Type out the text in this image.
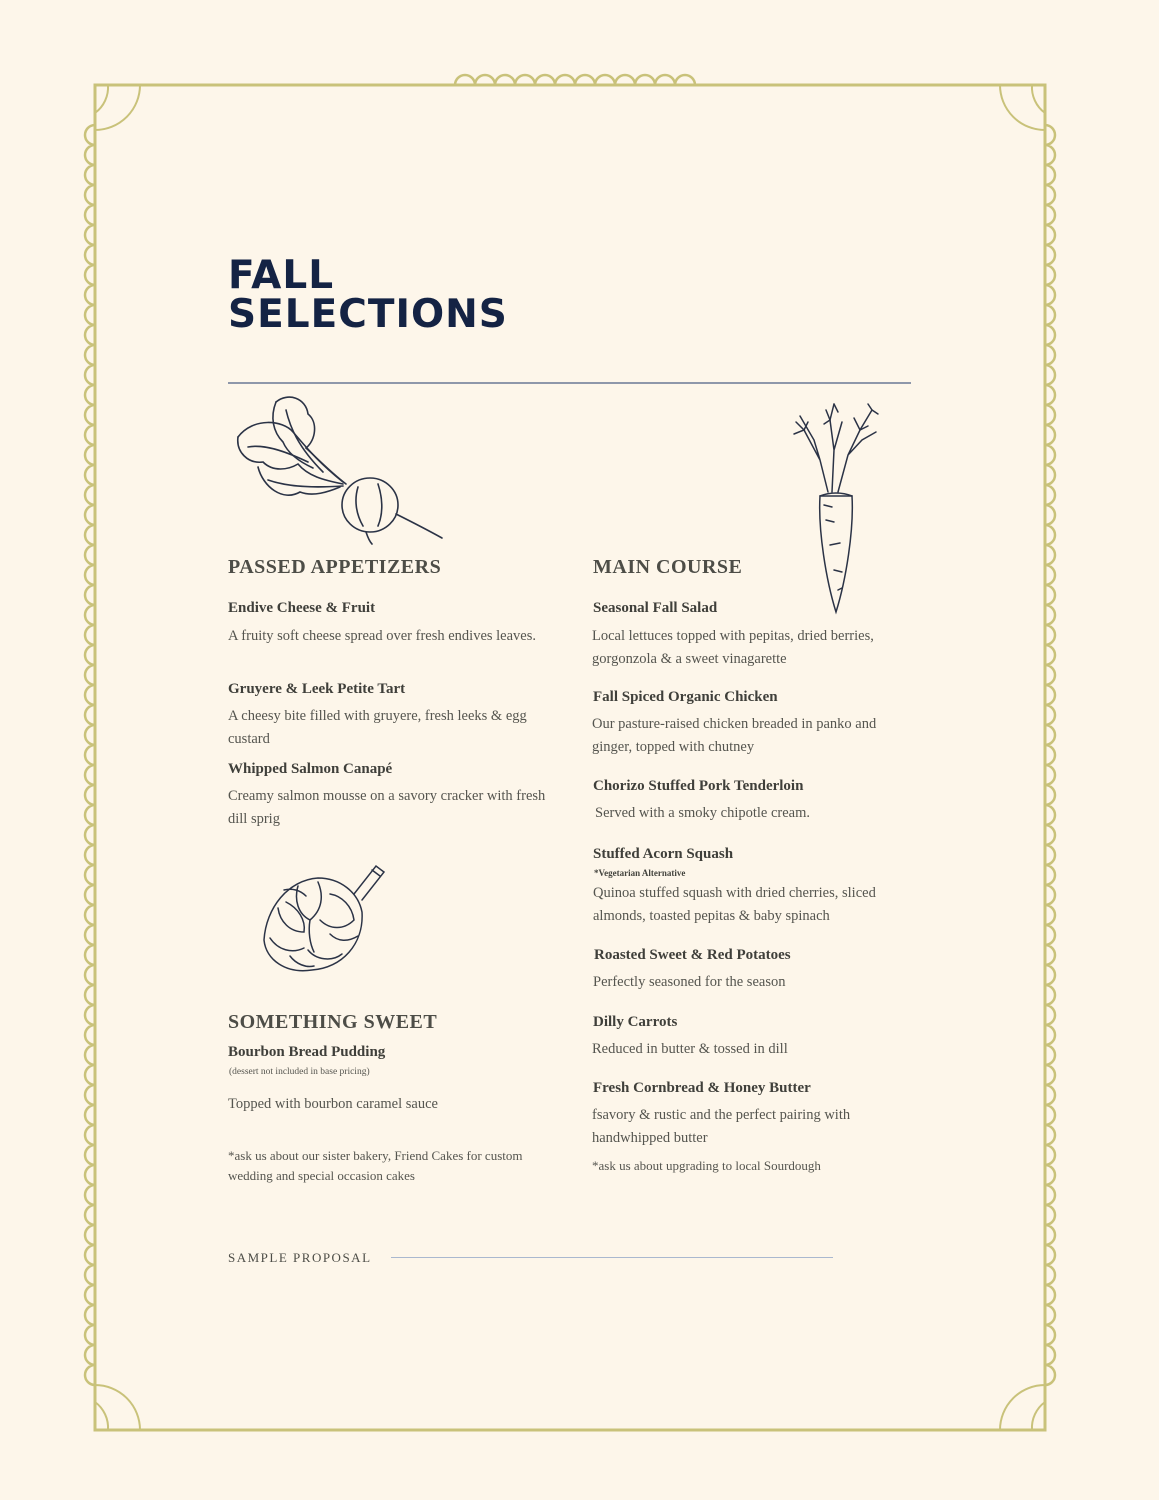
FALL
SELECTIONS
PASSED APPETIZERS
Endive Cheese & Fruit
A fruity soft cheese spread over fresh endives leaves.
Gruyere & Leek Petite Tart
A cheesy bite filled with gruyere, fresh leeks & egg custard
Whipped Salmon Canapé
Creamy salmon mousse on a savory cracker with fresh dill sprig
SOMETHING SWEET
Bourbon Bread Pudding
(dessert not included in base pricing)
Topped with bourbon caramel sauce
*ask us about our sister bakery, Friend Cakes for custom wedding and special occasion cakes
MAIN COURSE
Seasonal Fall Salad
Local lettuces topped with pepitas, dried berries, gorgonzola & a sweet vinagarette
Fall Spiced Organic Chicken
Our pasture-raised chicken breaded in panko and ginger, topped with chutney
Chorizo Stuffed Pork Tenderloin
Served with a smoky chipotle cream.
Stuffed Acorn Squash
*Vegetarian Alternative
Quinoa stuffed squash with dried cherries, sliced almonds, toasted pepitas & baby spinach
Roasted Sweet & Red Potatoes
Perfectly seasoned for the season
Dilly Carrots
Reduced in butter & tossed in dill
Fresh Cornbread & Honey Butter
fsavory & rustic and the perfect pairing with handwhipped butter
*ask us about upgrading to local Sourdough
SAMPLE PROPOSAL
